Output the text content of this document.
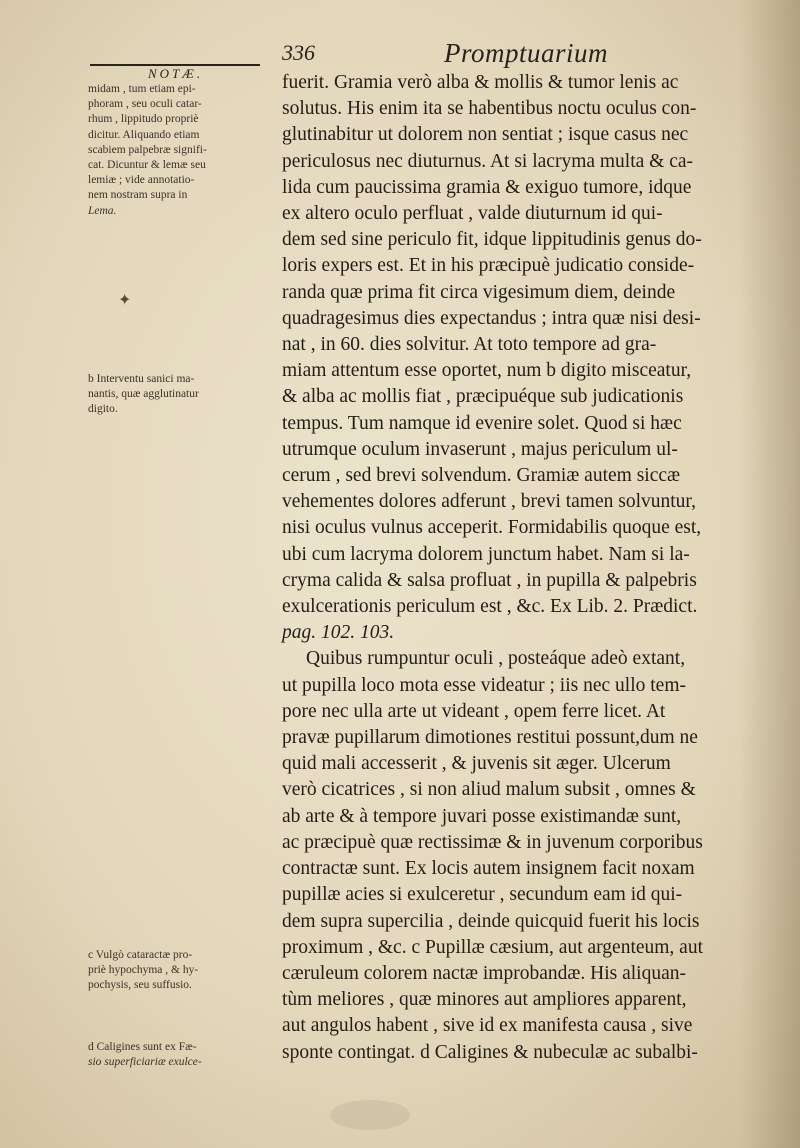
NOTÆ.
336	Promptuarium
midam , tum etiam epi-
phoram , seu oculi catar-
rhum , lippitudo propriè
dicitur. Aliquando etiam
scabiem palpebræ signifi-
cat. Dicuntur & lemæ seu
lemiæ ; vide annotatio-
nem nostram supra in
Lema.
✦
b Interventu sanici ma-
nantis, quæ agglutinatur
digito.
c Vulgò cataractæ pro-
priè hypochyma , & hy-
pochysis, seu suffusio.
d Caligines sunt ex Fæ-
sio superficiariæ exulce-
fuerit. Gramia verò alba & mollis & tumor lenis ac
solutus. His enim ita se habentibus noctu oculus con-
glutinabitur ut dolorem non sentiat ; isque casus nec
periculosus nec diuturnus. At si lacryma multa & ca-
lida cum paucissima gramia & exiguo tumore, idque
ex altero oculo perfluat , valde diuturnum id qui-
dem sed sine periculo fit, idque lippitudinis genus do-
loris expers est. Et in his præcipuè judicatio conside-
randa quæ prima fit circa vigesimum diem, deinde
quadragesimus dies expectandus ; intra quæ nisi desi-
nat , in 60. dies solvitur. At toto tempore ad gra-
miam attentum esse oportet, num b digito misceatur,
& alba ac mollis fiat , præcipuéque sub judicationis
tempus. Tum namque id evenire solet. Quod si hæc
utrumque oculum invaserunt , majus periculum ul-
cerum , sed brevi solvendum. Gramiæ autem siccæ
vehementes dolores adferunt , brevi tamen solvuntur,
nisi oculus vulnus acceperit. Formidabilis quoque est,
ubi cum lacryma dolorem junctum habet. Nam si la-
cryma calida & salsa profluat , in pupilla & palpebris
exulcerationis periculum est , &c. Ex Lib. 2. Prædict.
pag. 102. 103.
Quibus rumpuntur oculi , posteáque adeò extant,
ut pupilla loco mota esse videatur ; iis nec ullo tem-
pore nec ulla arte ut videant , opem ferre licet. At
pravæ pupillarum dimotiones restitui possunt,dum ne
quid mali accesserit , & juvenis sit æger. Ulcerum
verò cicatrices , si non aliud malum subsit , omnes &
ab arte & à tempore juvari posse existimandæ sunt,
ac præcipuè quæ rectissimæ & in juvenum corporibus
contractæ sunt. Ex locis autem insignem facit noxam
pupillæ acies si exulceretur , secundum eam id qui-
dem supra supercilia , deinde quicquid fuerit his locis
proximum , &c. c Pupillæ cæsium, aut argenteum, aut
cæruleum colorem nactæ improbandæ. His aliquan-
tùm meliores , quæ minores aut ampliores apparent,
aut angulos habent , sive id ex manifesta causa , sive
sponte contingat. d Caligines & nubeculæ ac subalbi-
